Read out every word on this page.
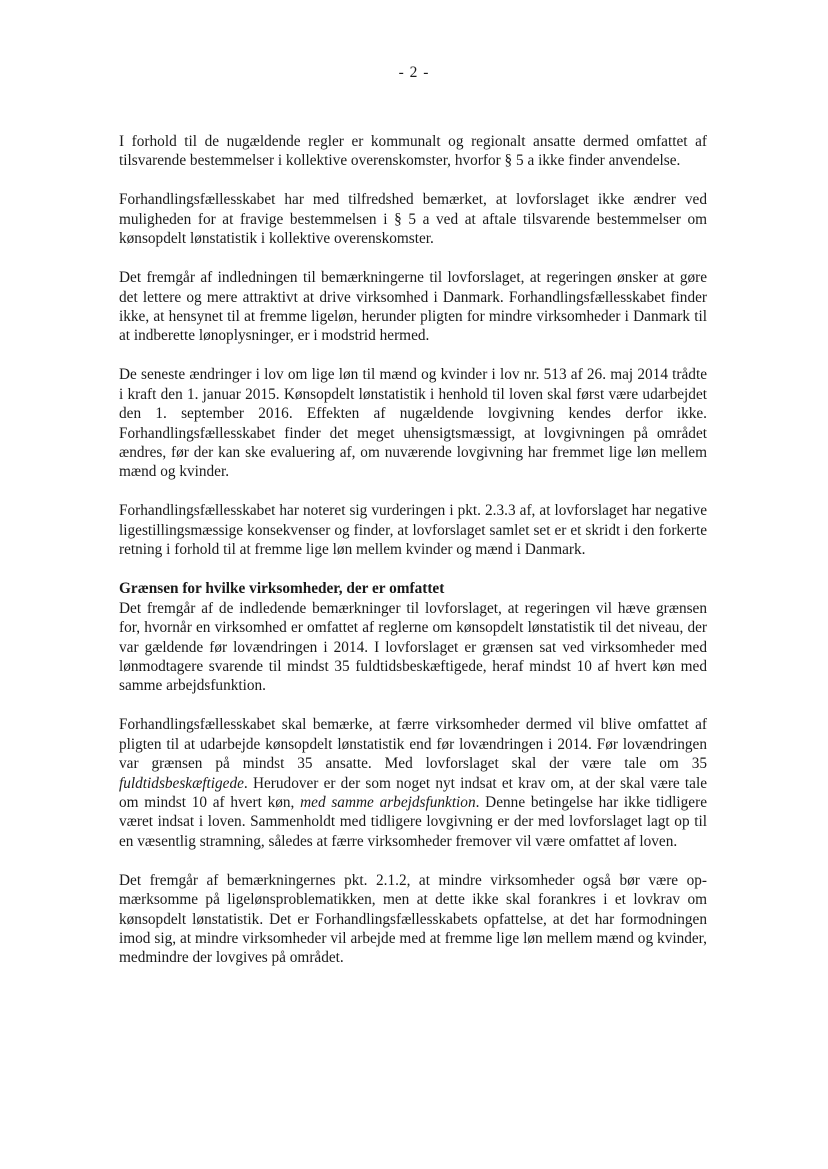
- 2 -

I forhold til de nugældende regler er kommunalt og regionalt ansatte dermed omfattet af tilsvarende bestemmelser i kollektive overenskomster, hvorfor § 5 a ikke finder anvendelse.

Forhandlingsfællesskabet har med tilfredshed bemærket, at lovforslaget ikke ændrer ved muligheden for at fravige bestemmelsen i § 5 a ved at aftale tilsvarende bestemmelser om kønsopdelt lønstatistik i kollektive overenskomster.

Det fremgår af indledningen til bemærkningerne til lovforslaget, at regeringen ønsker at gøre det lettere og mere attraktivt at drive virksomhed i Danmark. Forhandlingsfællesskabet finder ikke, at hensynet til at fremme ligeløn, herunder pligten for mindre virksomheder i Danmark til at indberette lønoplysninger, er i modstrid hermed.

De seneste ændringer i lov om lige løn til mænd og kvinder i lov nr. 513 af 26. maj 2014 trådte i kraft den 1. januar 2015. Kønsopdelt lønstatistik i henhold til loven skal først være udarbejdet den 1. september 2016. Effekten af nugældende lovgivning kendes derfor ikke. Forhandlingsfællesskabet finder det meget uhensigtsmæssigt, at lovgivningen på området ændres, før der kan ske evaluering af, om nuværende lovgivning har fremmet lige løn mellem mænd og kvinder.

Forhandlingsfællesskabet har noteret sig vurderingen i pkt. 2.3.3 af, at lovforslaget har negative ligestillingsmæssige konsekvenser og finder, at lovforslaget samlet set er et skridt i den forkerte retning i forhold til at fremme lige løn mellem kvinder og mænd i Danmark.

Grænsen for hvilke virksomheder, der er omfattet

Det fremgår af de indledende bemærkninger til lovforslaget, at regeringen vil hæve grænsen for, hvornår en virksomhed er omfattet af reglerne om kønsopdelt lønstatistik til det niveau, der var gældende før lovændringen i 2014. I lovforslaget er grænsen sat ved virksomheder med lønmodtagere svarende til mindst 35 fuldtidsbeskæftigede, heraf mindst 10 af hvert køn med samme arbejdsfunktion.

Forhandlingsfællesskabet skal bemærke, at færre virksomheder dermed vil blive omfattet af pligten til at udarbejde kønsopdelt lønstatistik end før lovændringen i 2014. Før lovændringen var grænsen på mindst 35 ansatte. Med lovforslaget skal der være tale om 35 fuldtidsbeskæftigede. Herudover er der som noget nyt indsat et krav om, at der skal være tale om mindst 10 af hvert køn, med samme arbejdsfunktion. Denne betingelse har ikke tidligere været indsat i loven. Sammenholdt med tidligere lovgivning er der med lovforslaget lagt op til en væsentlig stramning, således at færre virksomheder fremover vil være omfattet af loven.

Det fremgår af bemærkningernes pkt. 2.1.2, at mindre virksomheder også bør være opmærksomme på ligelønsproblematikken, men at dette ikke skal forankres i et lovkrav om kønsopdelt lønstatistik. Det er Forhandlingsfællesskabets opfattelse, at det har formodningen imod sig, at mindre virksomheder vil arbejde med at fremme lige løn mellem mænd og kvinder, medmindre der lovgives på området.
